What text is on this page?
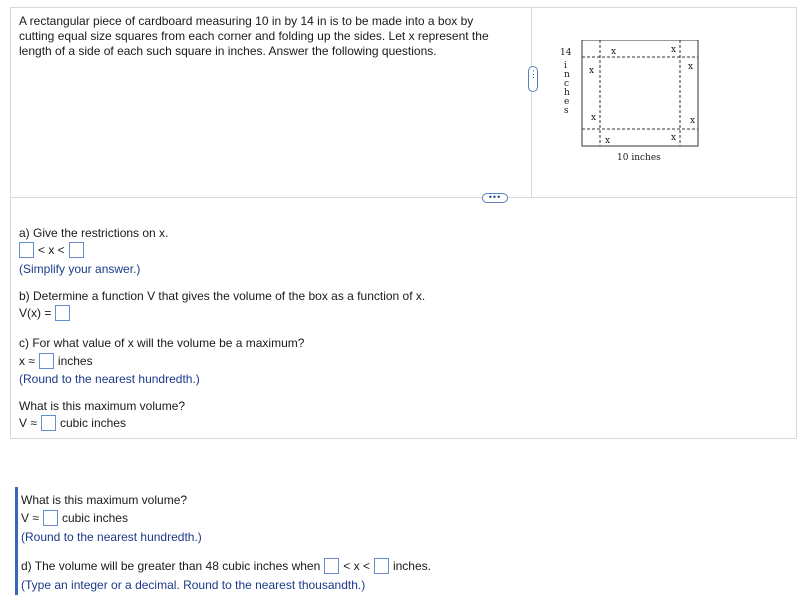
A rectangular piece of cardboard measuring 10 in by 14 in is to be made into a box by cutting equal size squares from each corner and folding up the sides. Let x represent the length of a side of each such square in inches. Answer the following questions.
⋮
•••
14
i
n
c
h
e
s
x	x
x	x
x	x
x	x
10 inches
a) Give the restrictions on x.
< x <
(Simplify your answer.)
b) Determine a function V that gives the volume of the box as a function of x.
V(x) =
c) For what value of x will the volume be a maximum?
x ≈ inches
(Round to the nearest hundredth.)
What is this maximum volume?
V ≈ cubic inches
What is this maximum volume?
V ≈ cubic inches
(Round to the nearest hundredth.)
d) The volume will be greater than 48 cubic inches when < x < inches.
(Type an integer or a decimal. Round to the nearest thousandth.)
